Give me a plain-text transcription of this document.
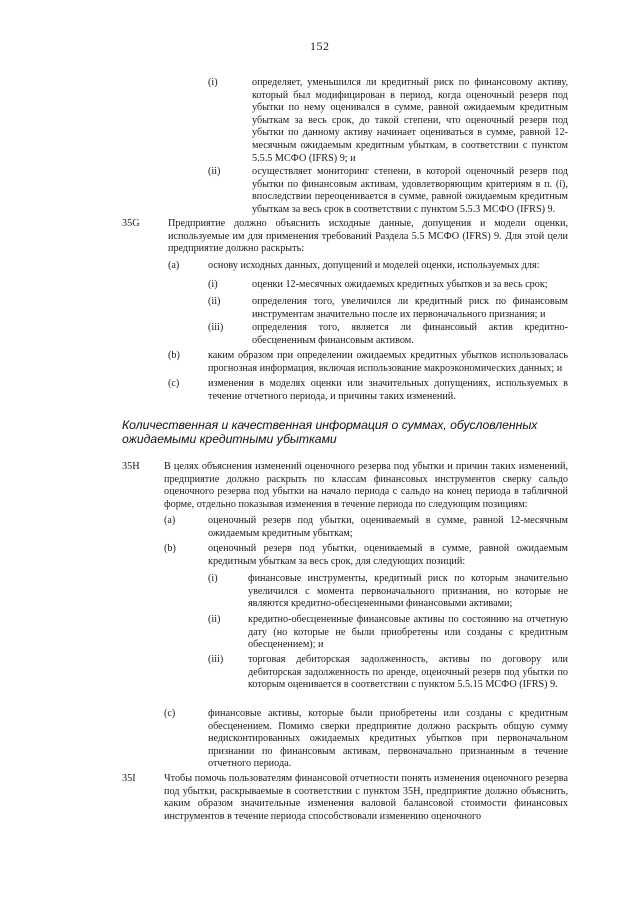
152
(i)	определяет, уменьшился ли кредитный риск по финансовому активу, который был модифицирован в период, когда оценочный резерв под убытки по нему оценивался в сумме, равной ожидаемым кредитным убыткам за весь срок, до такой степени, что оценочный резерв под убытки по данному активу начинает оцениваться в сумме, равной 12-месячным ожидаемым кредитным убыткам, в соответствии с пунктом 5.5.5 МСФО (IFRS) 9; и
(ii)	осуществляет мониторинг степени, в которой оценочный резерв под убытки по финансовым активам, удовлетворяющим критериям в п. (i), впоследствии переоценивается в сумме, равной ожидаемым кредитным убыткам за весь срок в соответствии с пунктом 5.5.3 МСФО (IFRS) 9.
35G	Предприятие должно объяснить исходные данные, допущения и модели оценки, используемые им для применения требований Раздела 5.5 МСФО (IFRS) 9. Для этой цели предприятие должно раскрыть:
(a)	основу исходных данных, допущений и моделей оценки, используемых для:
(i)	оценки 12-месячных ожидаемых кредитных убытков и за весь срок;
(ii)	определения того, увеличился ли кредитный риск по финансовым инструментам значительно после их первоначального признания; и
(iii)	определения того, является ли финансовый актив кредитно-обесцененным финансовым активом.
(b)	каким образом при определении ожидаемых кредитных убытков использовалась прогнозная информация, включая использование макроэкономических данных; и
(c)	изменения в моделях оценки или значительных допущениях, используемых в течение отчетного периода, и причины таких изменений.
Количественная и качественная информация о суммах, обусловленных ожидаемыми кредитными убытками
35H В целях объяснения изменений оценочного резерва под убытки и причин таких изменений, предприятие должно раскрыть по классам финансовых инструментов сверку сальдо оценочного резерва под убытки на начало периода с сальдо на конец периода в табличной форме, отдельно показывая изменения в течение периода по следующим позициям:
(a)	оценочный резерв под убытки, оцениваемый в сумме, равной 12-месячным ожидаемым кредитным убыткам;
(b)	оценочный резерв под убытки, оцениваемый в сумме, равной ожидаемым кредитным убыткам за весь срок, для следующих позиций:
(i)	финансовые инструменты, кредитный риск по которым значительно увеличился с момента первоначального признания, но которые не являются кредитно-обесцененными финансовыми активами;
(ii)	кредитно-обесцененные финансовые активы по состоянию на отчетную дату (но которые не были приобретены или созданы с кредитным обесценением); и
(iii) торговая дебиторская задолженность, активы по договору или дебиторская задолженность по аренде, оценочный резерв под убытки по которым оценивается в соответствии с пунктом 5.5.15 МСФО (IFRS) 9.
(c)	финансовые активы, которые были приобретены или созданы с кредитным обесценением. Помимо сверки предприятие должно раскрыть общую сумму недисконтированных ожидаемых кредитных убытков при первоначальном признании по финансовым активам, первоначально признанным в течение отчетного периода.
35I	Чтобы помочь пользователям финансовой отчетности понять изменения оценочного резерва под убытки, раскрываемые в соответствии с пунктом 35H, предприятие должно объяснить, каким образом значительные изменения валовой балансовой стоимости финансовых инструментов в течение периода способствовали изменению оценочного
